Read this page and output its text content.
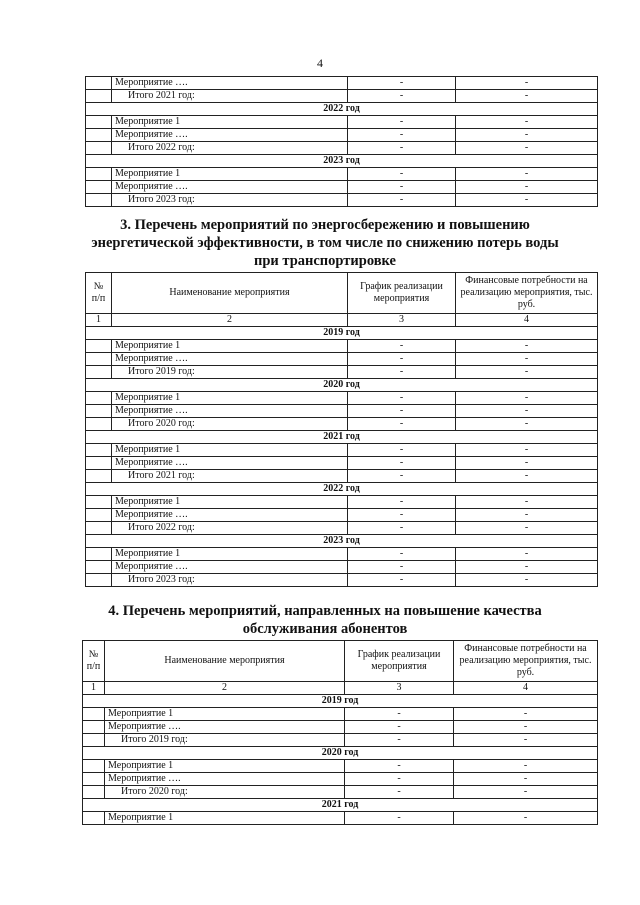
4
	Мероприятие ….	-	-
	Итого 2021 год:	-	-
2022 год			
	Мероприятие 1	-	-
	Мероприятие ….	-	-
	Итого 2022 год:	-	-
2023 год			
	Мероприятие 1	-	-
	Мероприятие ….	-	-
	Итого 2023 год:	-	-
3. Перечень мероприятий по энергосбережению и повышению
энергетической эффективности, в том числе по снижению потерь воды
при транспортировке
№ п/п	Наименование мероприятия	График реализации мероприятия	Финансовые потребности на реализацию мероприятия, тыс. руб.
1	2	3	4
2019 год			
	Мероприятие 1	-	-
	Мероприятие ….	-	-
	Итого 2019 год:	-	-
2020 год			
	Мероприятие 1	-	-
	Мероприятие ….	-	-
	Итого 2020 год:	-	-
2021 год			
	Мероприятие 1	-	-
	Мероприятие ….	-	-
	Итого 2021 год:	-	-
2022 год			
	Мероприятие 1	-	-
	Мероприятие ….	-	-
	Итого 2022 год:	-	-
2023 год			
	Мероприятие 1	-	-
	Мероприятие ….	-	-
	Итого 2023 год:	-	-
4. Перечень мероприятий, направленных на повышение качества
обслуживания абонентов
№ п/п	Наименование мероприятия	График реализации мероприятия	Финансовые потребности на реализацию мероприятия, тыс. руб.
1	2	3	4
2019 год			
	Мероприятие 1	-	-
	Мероприятие ….	-	-
	Итого 2019 год:	-	-
2020 год			
	Мероприятие 1	-	-
	Мероприятие ….	-	-
	Итого 2020 год:	-	-
2021 год			
	Мероприятие 1	-	-
